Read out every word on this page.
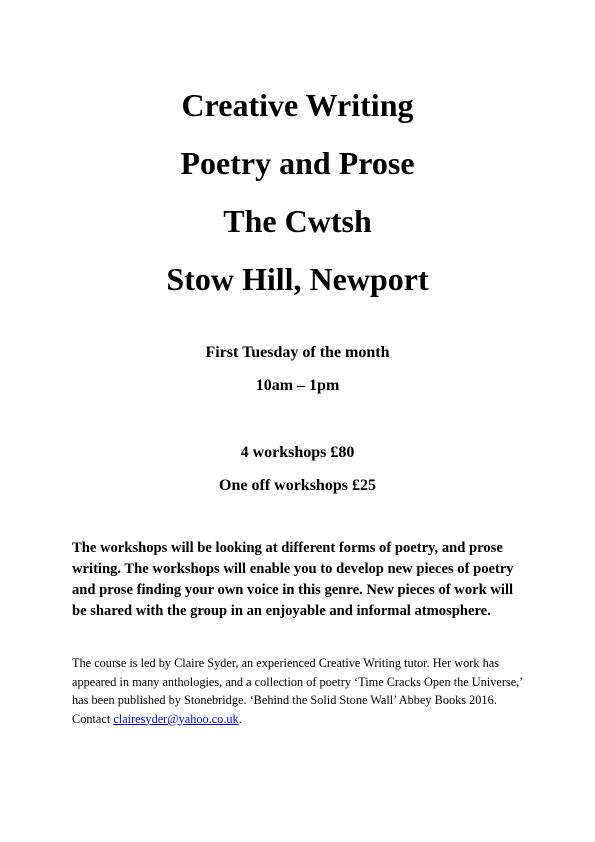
Creative Writing

Poetry and Prose

The Cwtsh

Stow Hill, Newport

First Tuesday of the month

10am – 1pm

4 workshops £80

One off workshops £25

The workshops will be looking at different forms of poetry, and prose writing. The workshops will enable you to develop new pieces of poetry and prose finding your own voice in this genre. New pieces of work will be shared with the group in an enjoyable and informal atmosphere.

The course is led by Claire Syder, an experienced Creative Writing tutor. Her work has appeared in many anthologies, and a collection of poetry ‘Time Cracks Open the Universe,’ has been published by Stonebridge. ‘Behind the Solid Stone Wall’ Abbey Books 2016. Contact clairesyder@yahoo.co.uk.
